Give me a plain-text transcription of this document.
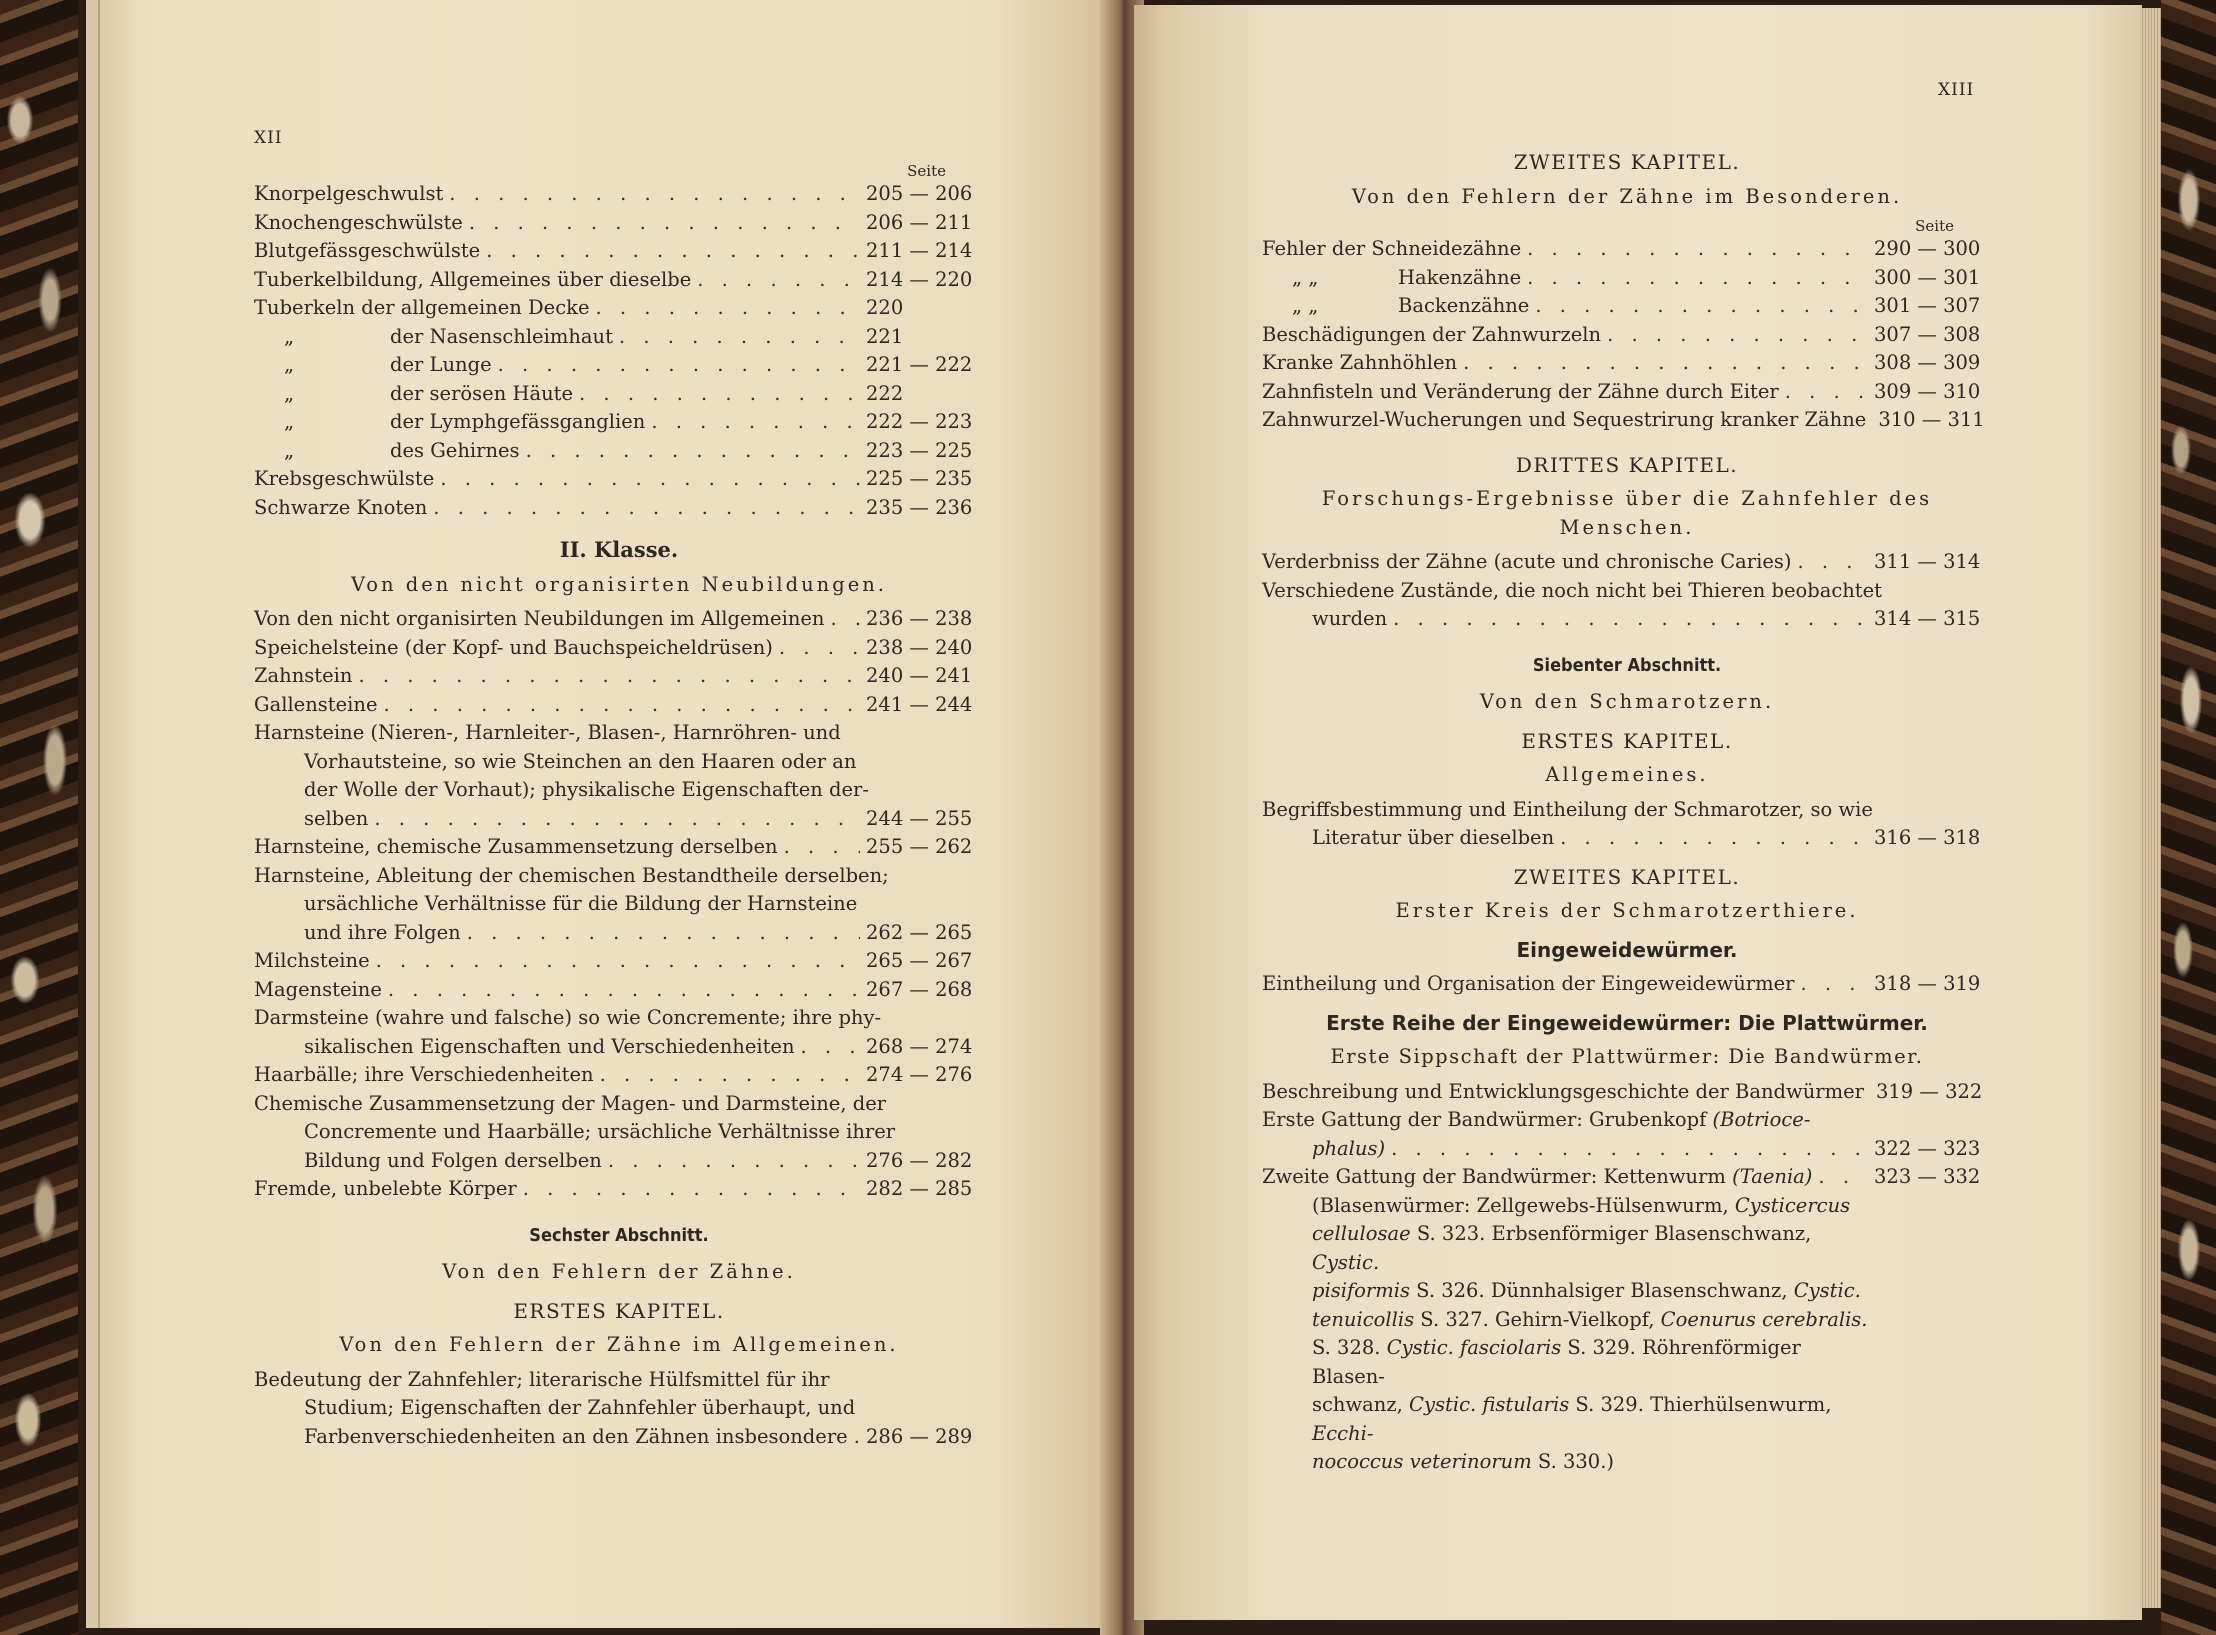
XII
XIII
Seite
Knorpelgeschwulst . . .	205 — 206
Knochengeschwülste . . .	206 — 211
Blutgefässgeschwülste . . .	211 — 214
Tuberkelbildung, Allgemeines über dieselbe . . .	214 — 220
Tuberkeln der allgemeinen Decke . . .	220
„	der Nasenschleimhaut . . .	221
„	der Lunge . . .	221 — 222
„	der serösen Häute . . .	222
„	der Lymphgefässganglien . . .	222 — 223
„	des Gehirnes . . .	223 — 225
Krebsgeschwülste . . .	225 — 235
Schwarze Knoten . . .	235 — 236
II. Klasse.
Von den nicht organisirten Neubildungen.
Von den nicht organisirten Neubildungen im Allgemeinen . . . 236 — 238
Speichelsteine (der Kopf- und Bauchspeicheldrüsen) . . .	238 — 240
Zahnstein . . .	240 — 241
Gallensteine . . .	241 — 244
Harnsteine (Nieren-, Harnleiter-, Blasen-, Harnröhren- und
Vorhautsteine, so wie Steinchen an den Haaren oder an
der Wolle der Vorhaut); physikalische Eigenschaften der-
selben . . .	244 — 255
Harnsteine, chemische Zusammensetzung derselben . . .	255 — 262
Harnsteine, Ableitung der chemischen Bestandtheile derselben;
ursächliche Verhältnisse für die Bildung der Harnsteine
und ihre Folgen . . .	262 — 265
Milchsteine . . .	265 — 267
Magensteine . . .	267 — 268
Darmsteine (wahre und falsche) so wie Concremente; ihre phy-
sikalischen Eigenschaften und Verschiedenheiten . . .	268 — 274
Haarbälle; ihre Verschiedenheiten . . .	274 — 276
Chemische Zusammensetzung der Magen- und Darmsteine, der
Concremente und Haarbälle; ursächliche Verhältnisse ihrer
Bildung und Folgen derselben . . .	276 — 282
Fremde, unbelebte Körper . . .	282 — 285
Sechster Abschnitt.
Von den Fehlern der Zähne.
ERSTES KAPITEL.
Von den Fehlern der Zähne im Allgemeinen.
Bedeutung der Zahnfehler; literarische Hülfsmittel für ihr
Studium; Eigenschaften der Zahnfehler überhaupt, und
Farbenverschiedenheiten an den Zähnen insbesondere . . . 286 — 289
ZWEITES KAPITEL.
Von den Fehlern der Zähne im Besonderen.
Seite
Fehler der Schneidezähne . . .	290 — 300
„ „	Hakenzähne . . .	300 — 301
„ „	Backenzähne . . .	301 — 307
Beschädigungen der Zahnwurzeln . . .	307 — 308
Kranke Zahnhöhlen . . .	308 — 309
Zahnfisteln und Veränderung der Zähne durch Eiter . . .	309 — 310
Zahnwurzel-Wucherungen und Sequestrirung kranker Zähne 310 — 311
DRITTES KAPITEL.
Forschungs-Ergebnisse über die Zahnfehler des
Menschen.
Verderbniss der Zähne (acute und chronische Caries) . . .	311 — 314
Verschiedene Zustände, die noch nicht bei Thieren beobachtet
wurden . . .	314 — 315
Siebenter Abschnitt.
Von den Schmarotzern.
ERSTES KAPITEL.
Allgemeines.
Begriffsbestimmung und Eintheilung der Schmarotzer, so wie
Literatur über dieselben . . .	316 — 318
ZWEITES KAPITEL.
Erster Kreis der Schmarotzerthiere.
Eingeweidewürmer.
Eintheilung und Organisation der Eingeweidewürmer . . .	318 — 319
Erste Reihe der Eingeweidewürmer: Die Plattwürmer.
Erste Sippschaft der Plattwürmer: Die Bandwürmer.
Beschreibung und Entwicklungsgeschichte der Bandwürmer 319 — 322
Erste Gattung der Bandwürmer: Grubenkopf (Botrioce-
phalus) . . .	322 — 323
Zweite Gattung der Bandwürmer: Kettenwurm (Taenia) . . .	323 — 332
(Blasenwürmer: Zellgewebs-Hülsenwurm, Cysticercus
cellulosae S. 323. Erbsenförmiger Blasenschwanz, Cystic.
pisiformis S. 326. Dünnhalsiger Blasenschwanz, Cystic.
tenuicollis S. 327. Gehirn-Vielkopf, Coenurus cerebralis.
S. 328. Cystic. fasciolaris S. 329. Röhrenförmiger Blasen-
schwanz, Cystic. fistularis S. 329. Thierhülsenwurm, Ecchi-
nococcus veterinorum S. 330.)
